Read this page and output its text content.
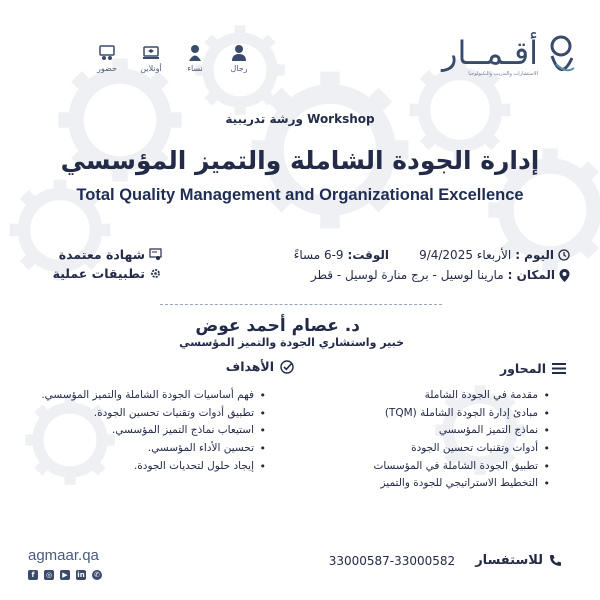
حضور	أونلاين	نساء	رجال	أقـمــار
الاستشارات والتدريب والتكنولوجيا
ورشة تدريبية Workshop
إدارة الجودة الشاملة والتميز المؤسسي
Total Quality Management and Organizational Excellence
اليوم :
الأربعاء 9/4/2025
الوقت:
6-9 مساءً
المكان :
مارينا لوسيل - برج منارة لوسيل - قطر
شهادة معتمدة
تطبيقات عملية
د. عصام أحمد عوض
خبير واستشاري الجودة والتميز المؤسسي
المحاور
• مقدمة في الجودة الشاملة
• مبادئ إدارة الجودة الشاملة (TQM)
• نماذج التميز المؤسسي
• أدوات وتقنيات تحسين الجودة
• تطبيق الجودة الشاملة في المؤسسات
• التخطيط الاستراتيجي للجودة والتميز
الأهداف
• فهم أساسيات الجودة الشاملة والتميز المؤسسي.
• تطبيق أدوات وتقنيات تحسين الجودة.
• استيعاب نماذج التميز المؤسسي.
• تحسين الأداء المؤسسي.
• إيجاد حلول لتحديات الجودة.
agmaar.qa
f	◎	▶	in ✆
للاستفسار
33000587-33000582
